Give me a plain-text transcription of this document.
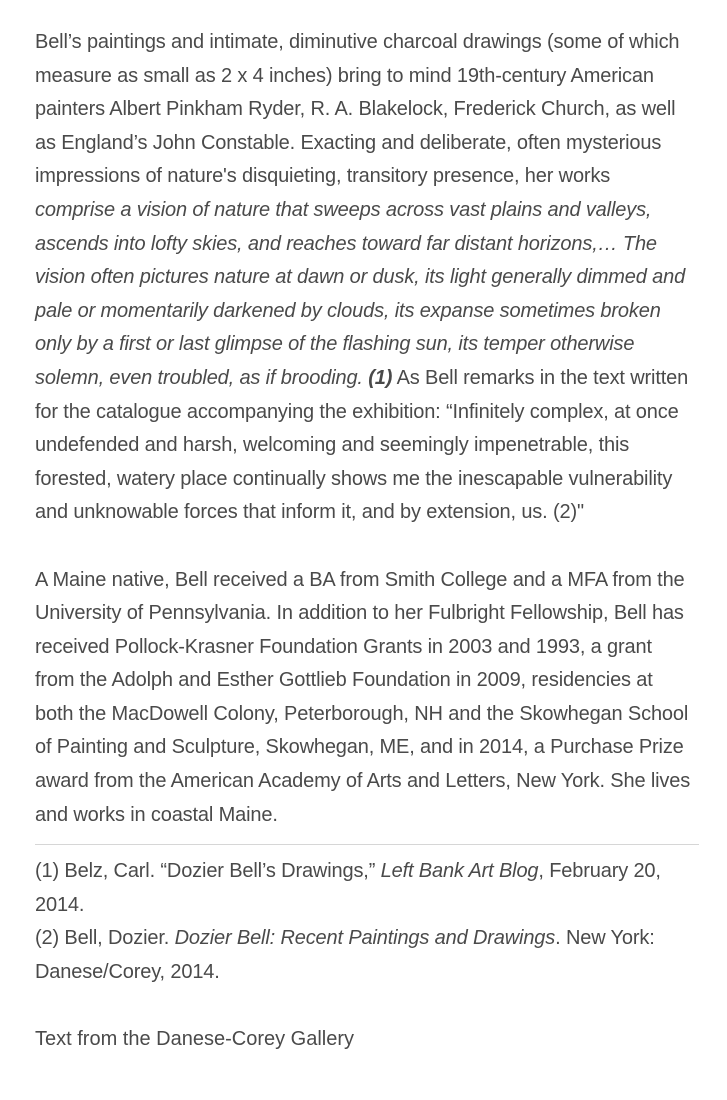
Bell’s paintings and intimate, diminutive charcoal drawings (some of which measure as small as 2 x 4 inches) bring to mind 19th-century American painters Albert Pinkham Ryder, R. A. Blakelock, Frederick Church, as well as England’s John Constable. Exacting and deliberate, often mysterious impressions of nature's disquieting, transitory presence, her works comprise a vision of nature that sweeps across vast plains and valleys, ascends into lofty skies, and reaches toward far distant horizons,… The vision often pictures nature at dawn or dusk, its light generally dimmed and pale or momentarily darkened by clouds, its expanse sometimes broken only by a first or last glimpse of the flashing sun, its temper otherwise solemn, even troubled, as if brooding. (1) As Bell remarks in the text written for the catalogue accompanying the exhibition: “Infinitely complex, at once undefended and harsh, welcoming and seemingly impenetrable, this forested, watery place continually shows me the inescapable vulnerability and unknowable forces that inform it, and by extension, us. (2)"

A Maine native, Bell received a BA from Smith College and a MFA from the University of Pennsylvania. In addition to her Fulbright Fellowship, Bell has received Pollock-Krasner Foundation Grants in 2003 and 1993, a grant from the Adolph and Esther Gottlieb Foundation in 2009, residencies at both the MacDowell Colony, Peterborough, NH and the Skowhegan School of Painting and Sculpture, Skowhegan, ME, and in 2014, a Purchase Prize award from the American Academy of Arts and Letters, New York. She lives and works in coastal Maine.

(1) Belz, Carl. “Dozier Bell’s Drawings,” Left Bank Art Blog, February 20, 2014.

(2) Bell, Dozier. Dozier Bell: Recent Paintings and Drawings. New York: Danese/Corey, 2014.

Text from the Danese-Corey Gallery
